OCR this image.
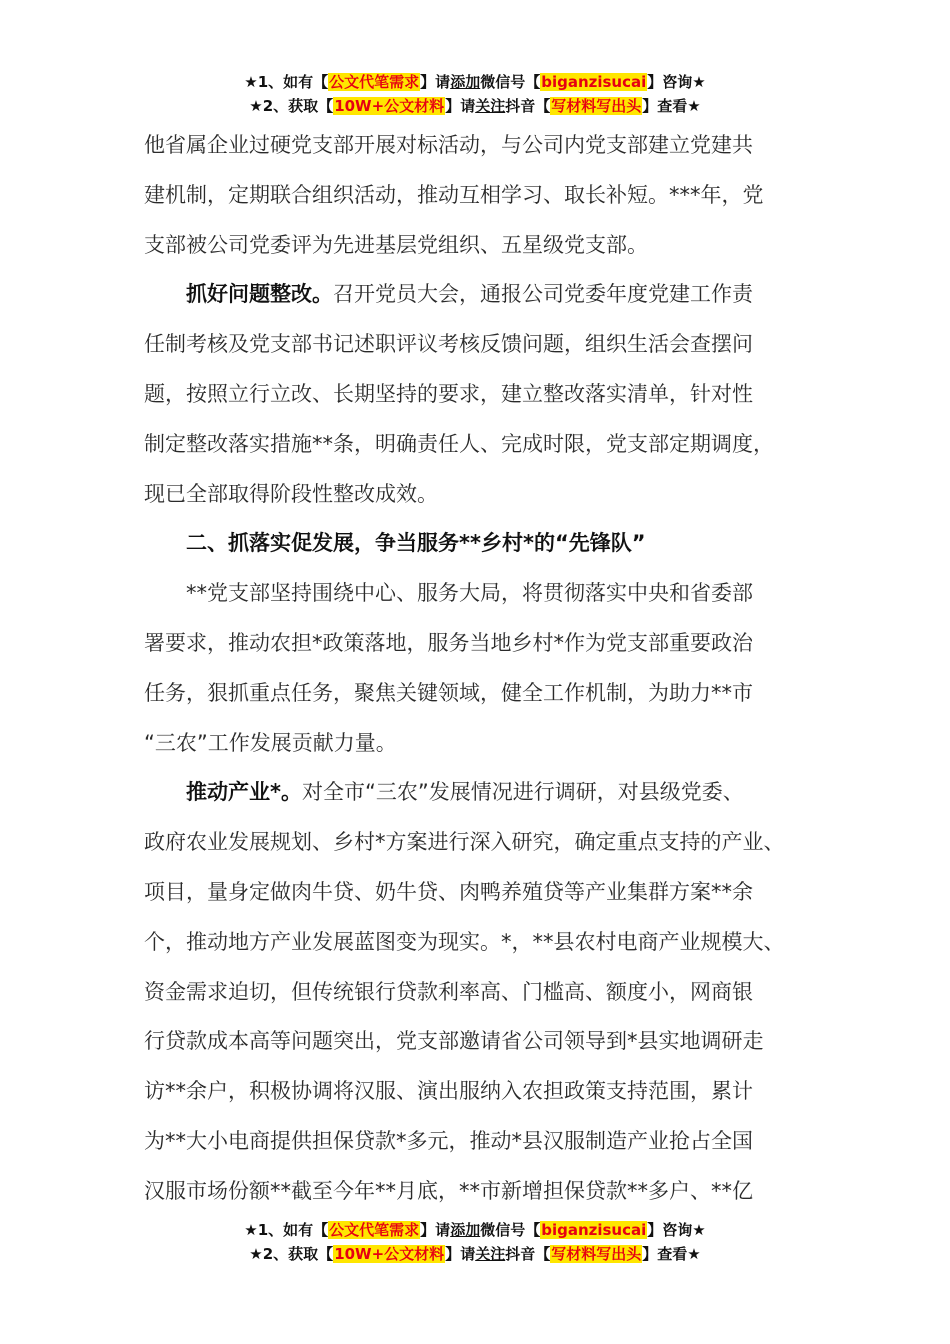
★1、如有【公文代笔需求】请添加微信号【biganzisucai】咨询★
★2、获取【10W+公文材料】请关注抖音【写材料写出头】查看★
他省属企业过硬党支部开展对标活动，与公司内党支部建立党建共
建机制，定期联合组织活动，推动互相学习、取长补短。***年，党
支部被公司党委评为先进基层党组织、五星级党支部。
抓好问题整改。召开党员大会，通报公司党委年度党建工作责
任制考核及党支部书记述职评议考核反馈问题，组织生活会查摆问
题，按照立行立改、长期坚持的要求，建立整改落实清单，针对性
制定整改落实措施**条，明确责任人、完成时限，党支部定期调度，
现已全部取得阶段性整改成效。
二、抓落实促发展，争当服务**乡村*的“先锋队”
**党支部坚持围绕中心、服务大局，将贯彻落实中央和省委部
署要求，推动农担*政策落地，服务当地乡村*作为党支部重要政治
任务，狠抓重点任务，聚焦关键领域，健全工作机制，为助力**市
“三农”工作发展贡献力量。
推动产业*。对全市“三农”发展情况进行调研，对县级党委、
政府农业发展规划、乡村*方案进行深入研究，确定重点支持的产业、
项目，量身定做肉牛贷、奶牛贷、肉鸭养殖贷等产业集群方案**余
个，推动地方产业发展蓝图变为现实。*，**县农村电商产业规模大、
资金需求迫切，但传统银行贷款利率高、门槛高、额度小，网商银
行贷款成本高等问题突出，党支部邀请省公司领导到*县实地调研走
访**余户，积极协调将汉服、演出服纳入农担政策支持范围，累计
为**大小电商提供担保贷款*多元，推动*县汉服制造产业抢占全国
汉服市场份额**截至今年**月底，**市新增担保贷款**多户、**亿
★1、如有【公文代笔需求】请添加微信号【biganzisucai】咨询★
★2、获取【10W+公文材料】请关注抖音【写材料写出头】查看★
